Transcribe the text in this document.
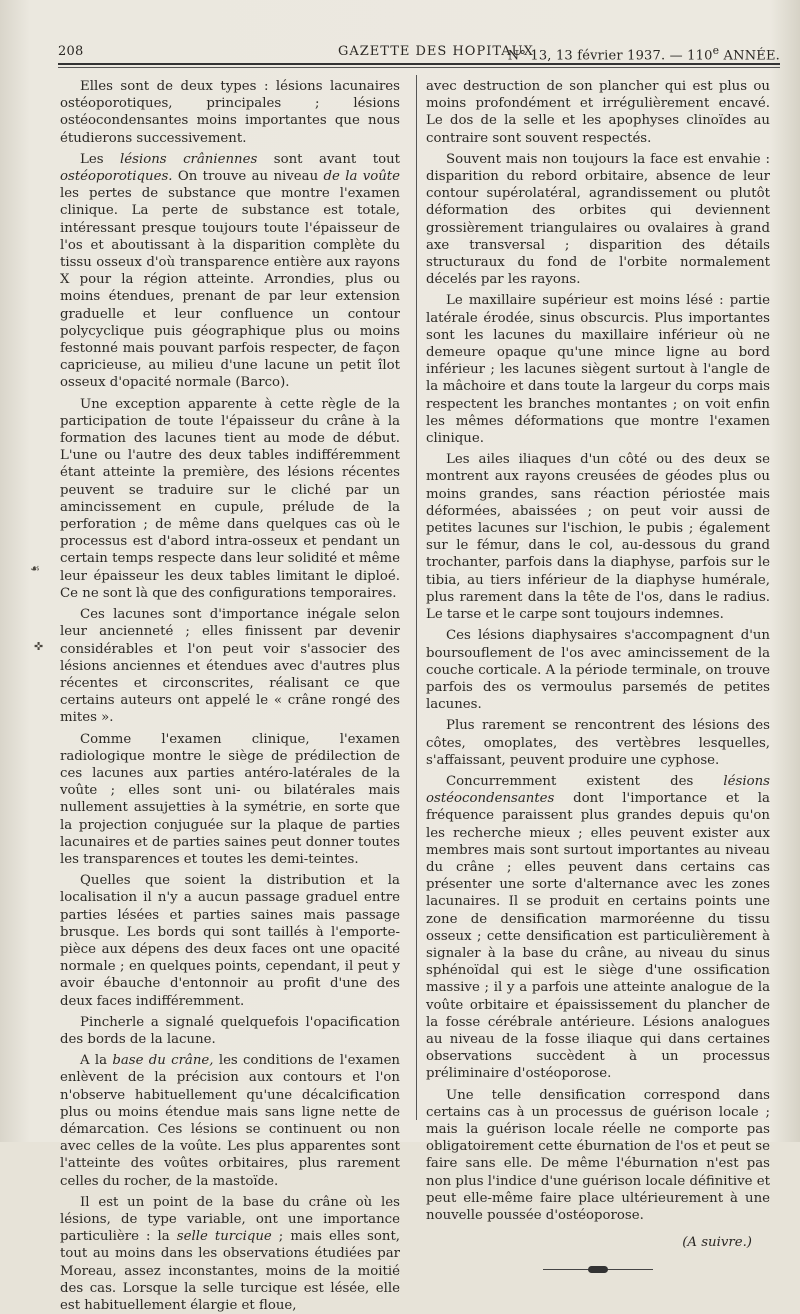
208	GAZETTE DES HOPITAUX
N° 13, 13 février 1937. — 110e ANNÉE.
☙
✜

Elles sont de deux types : lésions lacunaires ostéoporotiques, principales ; lésions ostéocondensantes moins importantes que nous étudierons successivement.

Les lésions crâniennes sont avant tout ostéoporotiques. On trouve au niveau de la voûte les pertes de substance que montre l'examen clinique. La perte de substance est totale, intéressant presque toujours toute l'épaisseur de l'os et aboutissant à la disparition complète du tissu osseux d'où transparence entière aux rayons X pour la région atteinte. Arrondies, plus ou moins étendues, prenant de par leur extension graduelle et leur confluence un contour polycyclique puis géographique plus ou moins festonné mais pouvant parfois respecter, de façon capricieuse, au milieu d'une lacune un petit îlot osseux d'opacité normale (Barco).

Une exception apparente à cette règle de la participation de toute l'épaisseur du crâne à la formation des lacunes tient au mode de début. L'une ou l'autre des deux tables indifféremment étant atteinte la première, des lésions récentes peuvent se traduire sur le cliché par un amincissement en cupule, prélude de la perforation ; de même dans quelques cas où le processus est d'abord intra-osseux et pendant un certain temps respecte dans leur solidité et même leur épaisseur les deux tables limitant le diploé. Ce ne sont là que des configurations temporaires.

Ces lacunes sont d'importance inégale selon leur ancienneté ; elles finissent par devenir considérables et l'on peut voir s'associer des lésions anciennes et étendues avec d'autres plus récentes et circonscrites, réalisant ce que certains auteurs ont appelé le « crâne rongé des mites ».

Comme l'examen clinique, l'examen radiologique montre le siège de prédilection de ces lacunes aux parties antéro-latérales de la voûte ; elles sont uni- ou bilatérales mais nullement assujetties à la symétrie, en sorte que la projection conjuguée sur la plaque de parties lacunaires et de parties saines peut donner toutes les transparences et toutes les demi-teintes.

Quelles que soient la distribution et la localisation il n'y a aucun passage graduel entre parties lésées et parties saines mais passage brusque. Les bords qui sont taillés à l'emporte-pièce aux dépens des deux faces ont une opacité normale ; en quelques points, cependant, il peut y avoir ébauche d'entonnoir au profit d'une des deux faces indifféremment.

Pincherle a signalé quelquefois l'opacification des bords de la lacune.

A la base du crâne, les conditions de l'examen enlèvent de la précision aux contours et l'on n'observe habituellement qu'une décalcification plus ou moins étendue mais sans ligne nette de démarcation. Ces lésions se continuent ou non avec celles de la voûte. Les plus apparentes sont l'atteinte des voûtes orbitaires, plus rarement celles du rocher, de la mastoïde.

Il est un point de la base du crâne où les lésions, de type variable, ont une importance particulière : la selle turcique ; mais elles sont, tout au moins dans les observations étudiées par Moreau, assez inconstantes, moins de la moitié des cas. Lorsque la selle turcique est lésée, elle est habituellement élargie et floue,

avec destruction de son plancher qui est plus ou moins profondément et irrégulièrement encavé. Le dos de la selle et les apophyses clinoïdes au contraire sont souvent respectés.

Souvent mais non toujours la face est envahie : disparition du rebord orbitaire, absence de leur contour supérolatéral, agrandissement ou plutôt déformation des orbites qui deviennent grossièrement triangulaires ou ovalaires à grand axe transversal ; disparition des détails structuraux du fond de l'orbite normalement décelés par les rayons.

Le maxillaire supérieur est moins lésé : partie latérale érodée, sinus obscurcis. Plus importantes sont les lacunes du maxillaire inférieur où ne demeure opaque qu'une mince ligne au bord inférieur ; les lacunes siègent surtout à l'angle de la mâchoire et dans toute la largeur du corps mais respectent les branches montantes ; on voit enfin les mêmes déformations que montre l'examen clinique.

Les ailes iliaques d'un côté ou des deux se montrent aux rayons creusées de géodes plus ou moins grandes, sans réaction périostée mais déformées, abaissées ; on peut voir aussi de petites lacunes sur l'ischion, le pubis ; également sur le fémur, dans le col, au-dessous du grand trochanter, parfois dans la diaphyse, parfois sur le tibia, au tiers inférieur de la diaphyse humérale, plus rarement dans la tête de l'os, dans le radius. Le tarse et le carpe sont toujours indemnes.

Ces lésions diaphysaires s'accompagnent d'un boursouflement de l'os avec amincissement de la couche corticale. A la période terminale, on trouve parfois des os vermoulus parsemés de petites lacunes.

Plus rarement se rencontrent des lésions des côtes, omoplates, des vertèbres lesquelles, s'affaissant, peuvent produire une cyphose.

Concurremment existent des lésions ostéocondensantes dont l'importance et la fréquence paraissent plus grandes depuis qu'on les recherche mieux ; elles peuvent exister aux membres mais sont surtout importantes au niveau du crâne ; elles peuvent dans certains cas présenter une sorte d'alternance avec les zones lacunaires. Il se produit en certains points une zone de densification marmoréenne du tissu osseux ; cette densification est particulièrement à signaler à la base du crâne, au niveau du sinus sphénoïdal qui est le siège d'une ossification massive ; il y a parfois une atteinte analogue de la voûte orbitaire et épaississement du plancher de la fosse cérébrale antérieure. Lésions analogues au niveau de la fosse iliaque qui dans certaines observations succèdent à un processus préliminaire d'ostéoporose.

Une telle densification correspond dans certains cas à un processus de guérison locale ; mais la guérison locale réelle ne comporte pas obligatoirement cette éburnation de l'os et peut se faire sans elle. De même l'éburnation n'est pas non plus l'indice d'une guérison locale définitive et peut elle-même faire place ultérieurement à une nouvelle poussée d'ostéoporose.

(A suivre.)
